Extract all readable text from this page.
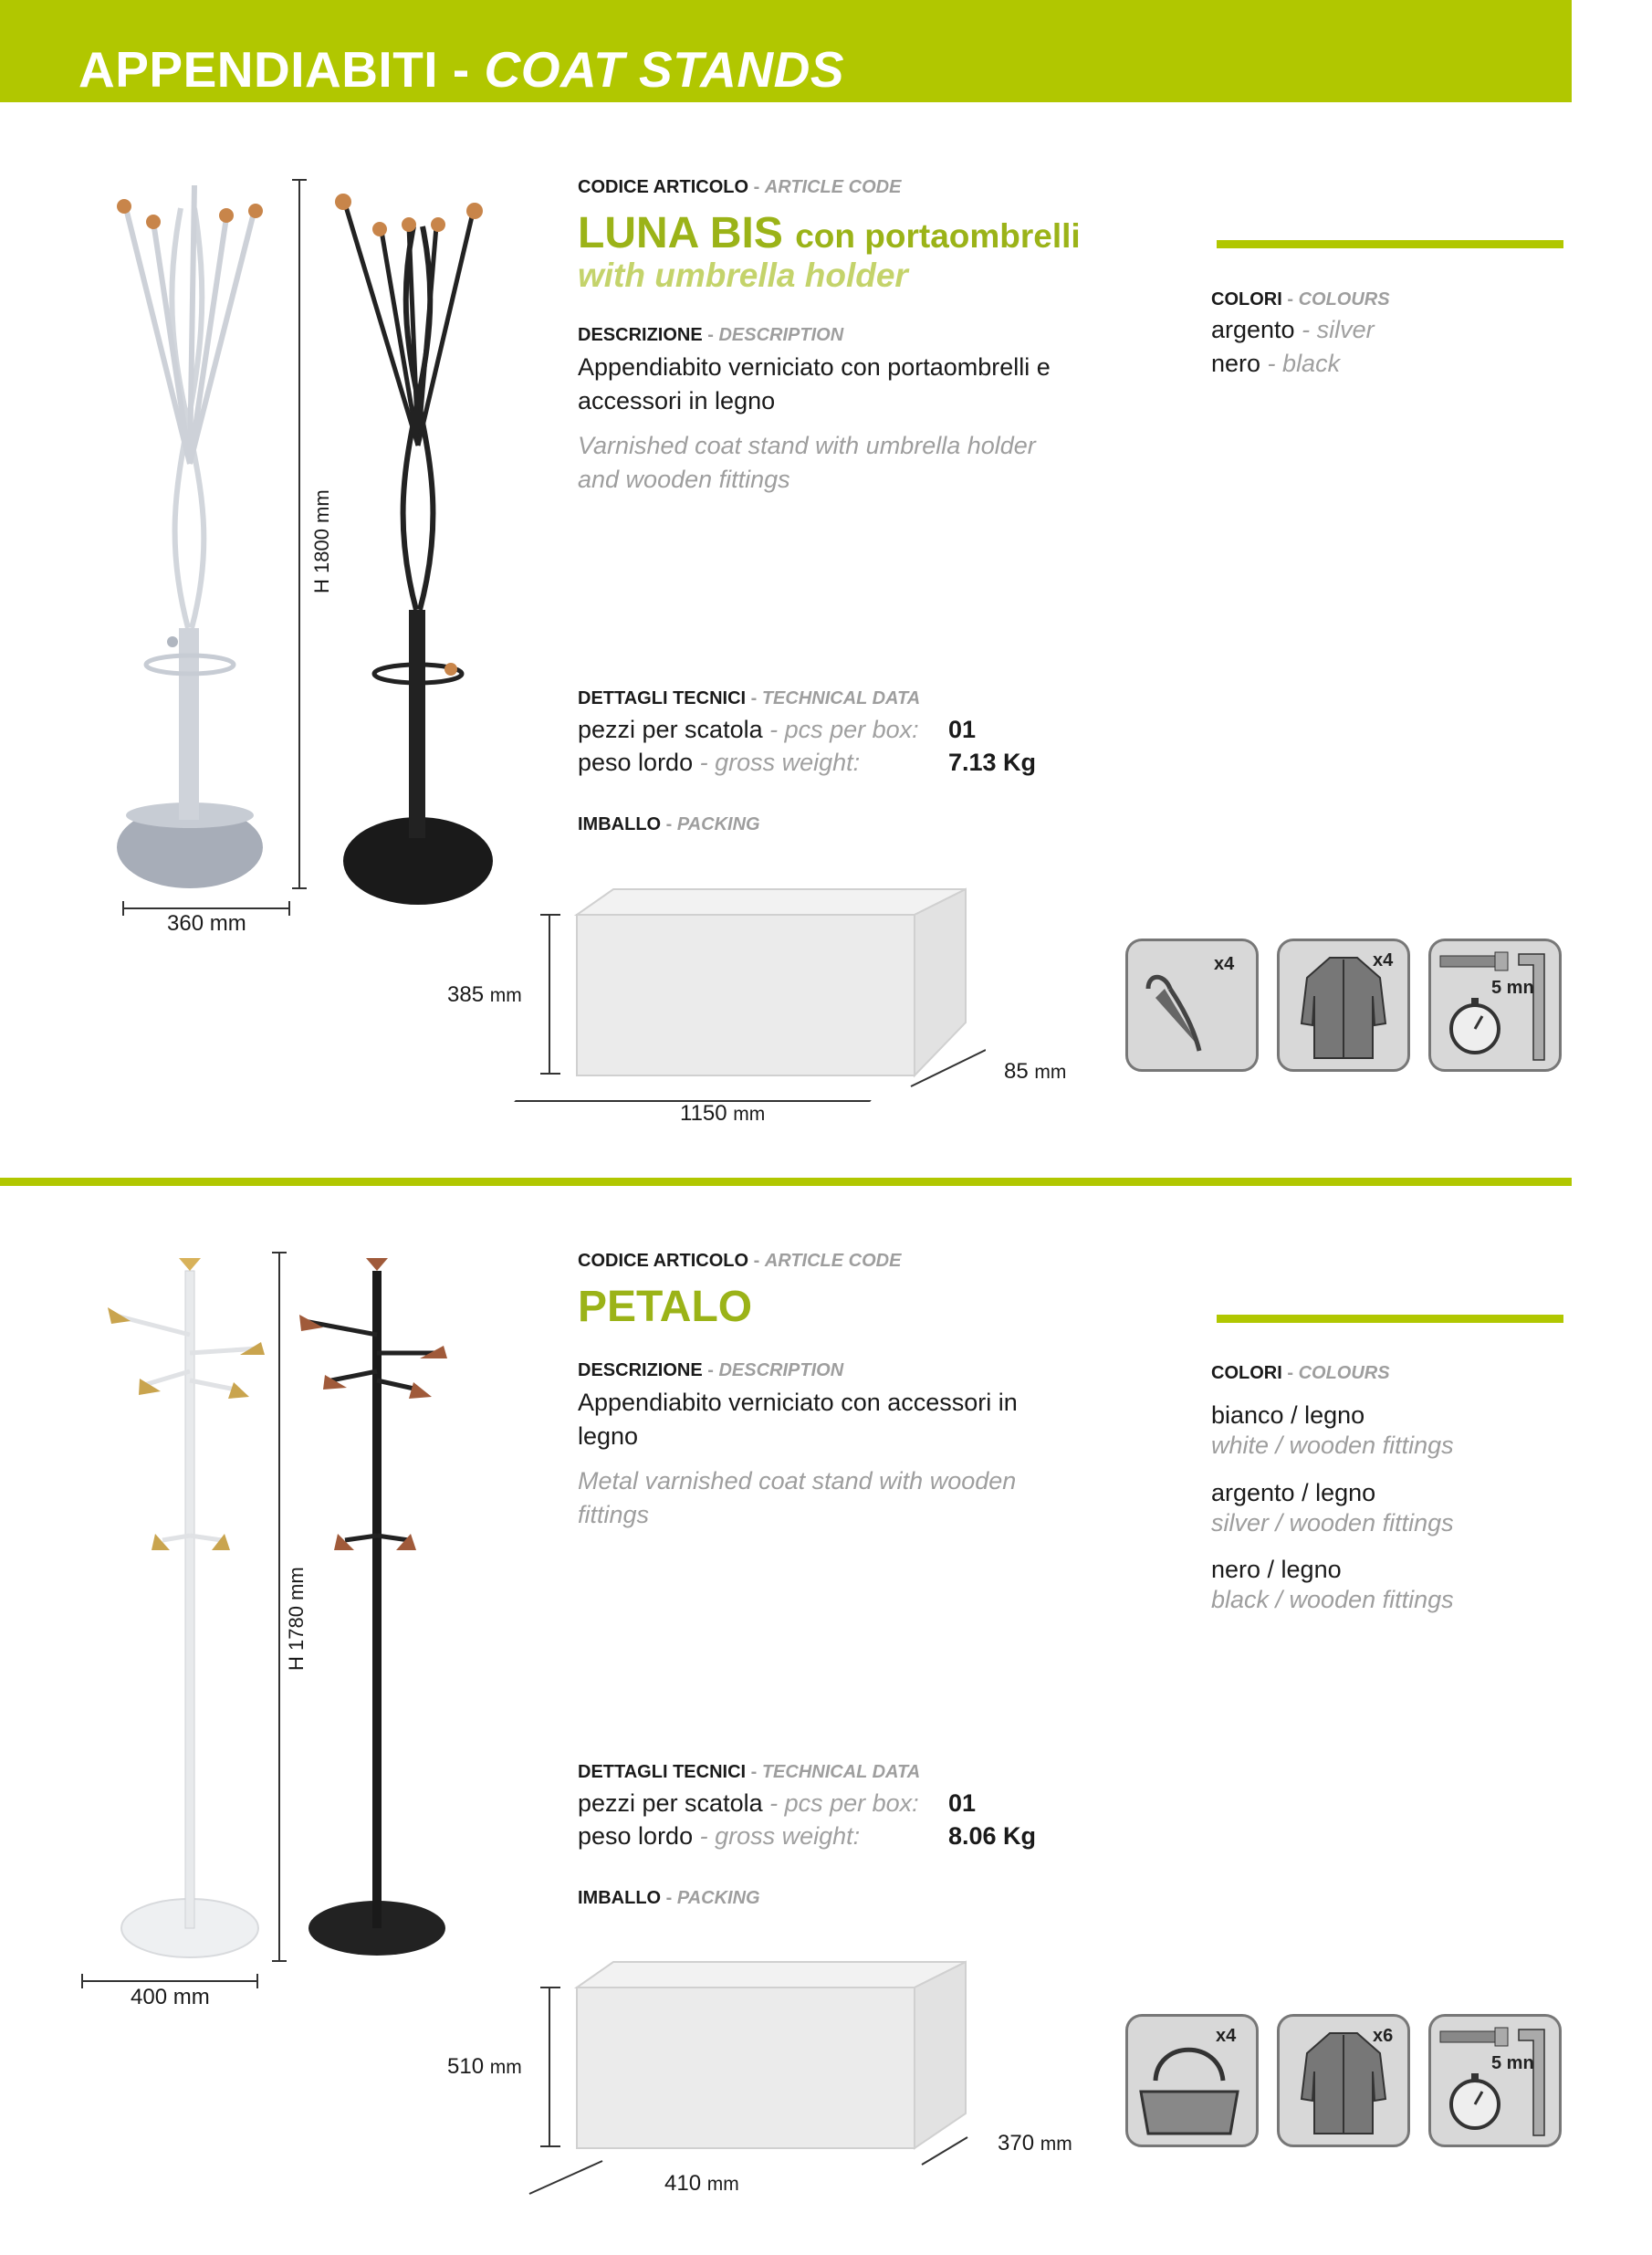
APPENDIABITI - COAT STANDS
H 1800 mm
360 mm
CODICE ARTICOLO - ARTICLE CODE
LUNA BIS con portaombrelli
with umbrella holder
DESCRIZIONE - DESCRIPTION
Appendiabito verniciato con portaombrelli e accessori in legno
Varnished coat stand with umbrella holder and wooden fittings
COLORI - COLOURS
argento - silver
nero - black
DETTAGLI TECNICI - TECHNICAL DATA
pezzi per scatola - pcs per box: 01
peso lordo - gross weight:	7.13 Kg
IMBALLO - PACKING
385 mm
1150 mm
85 mm
x4	x4
5 mn
H 1780 mm
400 mm
CODICE ARTICOLO - ARTICLE CODE
PETALO
DESCRIZIONE - DESCRIPTION
Appendiabito verniciato con accessori in legno
Metal varnished coat stand with wooden fittings
COLORI - COLOURS
bianco / legno
white / wooden fittings
argento / legno
silver / wooden fittings
nero / legno
black / wooden fittings
DETTAGLI TECNICI - TECHNICAL DATA
pezzi per scatola - pcs per box: 01
peso lordo - gross weight:	8.06 Kg
IMBALLO - PACKING
510 mm
410 mm
370 mm
x4	x6
5 mn
